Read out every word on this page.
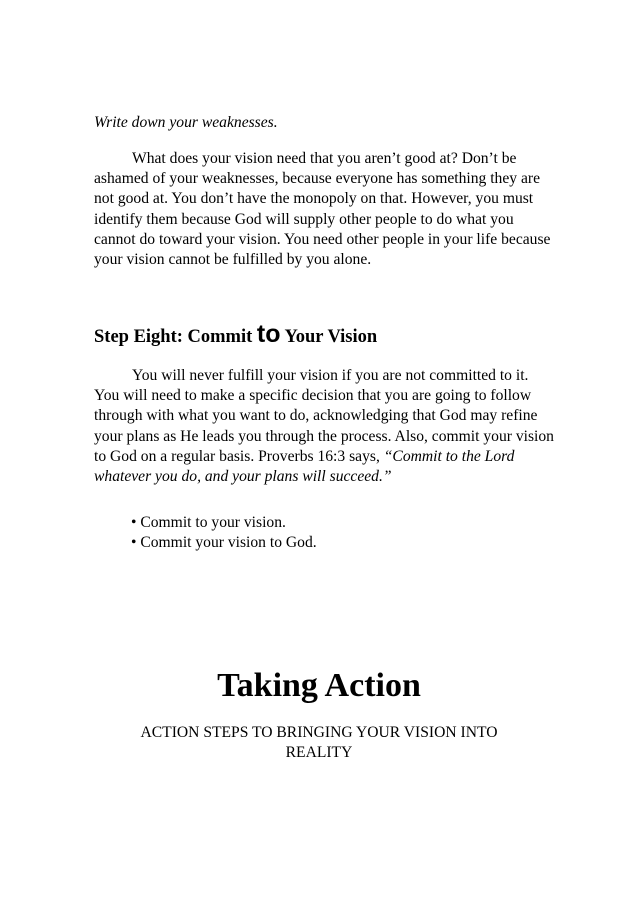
Write down your weaknesses.

What does your vision need that you aren’t good at? Don’t be ashamed of your weaknesses, because everyone has something they are not good at. You don’t have the monopoly on that. However, you must identify them because God will supply other people to do what you cannot do toward your vision. You need other people in your life because your vision cannot be fulfilled by you alone.

Step Eight: Commit to Your Vision

You will never fulfill your vision if you are not committed to it. You will need to make a specific decision that you are going to follow through with what you want to do, acknowledging that God may refine your plans as He leads you through the process. Also, commit your vision to God on a regular basis. Proverbs 16:3 says, “Commit to the Lord whatever you do, and your plans will succeed.”

• Commit to your vision.
• Commit your vision to God.
Taking Action
ACTION STEPS TO BRINGING YOUR VISION INTO REALITY
